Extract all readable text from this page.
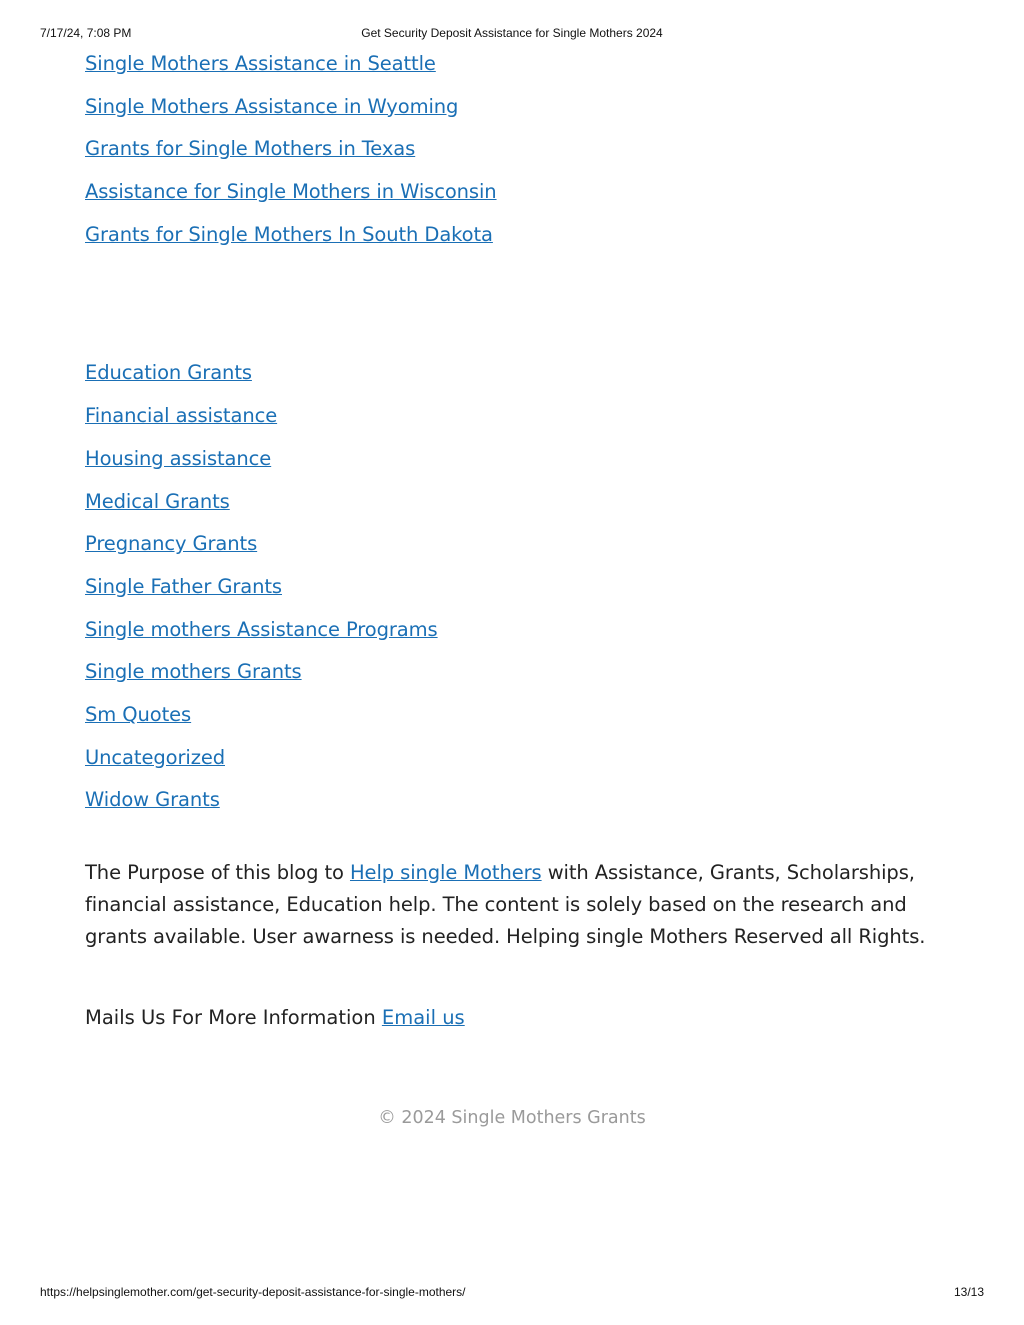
7/17/24, 7:08 PM	Get Security Deposit Assistance for Single Mothers 2024
Single Mothers Assistance in Seattle
Single Mothers Assistance in Wyoming
Grants for Single Mothers in Texas
Assistance for Single Mothers in Wisconsin
Grants for Single Mothers In South Dakota
Education Grants
Financial assistance
Housing assistance
Medical Grants
Pregnancy Grants
Single Father Grants
Single mothers Assistance Programs
Single mothers Grants
Sm Quotes
Uncategorized
Widow Grants

The Purpose of this blog to Help single Mothers with Assistance, Grants, Scholarships, financial assistance, Education help. The content is solely based on the research and grants available. User awarness is needed. Helping single Mothers Reserved all Rights.

Mails Us For More Information Email us

© 2024 Single Mothers Grants
https://helpsinglemother.com/get-security-deposit-assistance-for-single-mothers/	13/13
